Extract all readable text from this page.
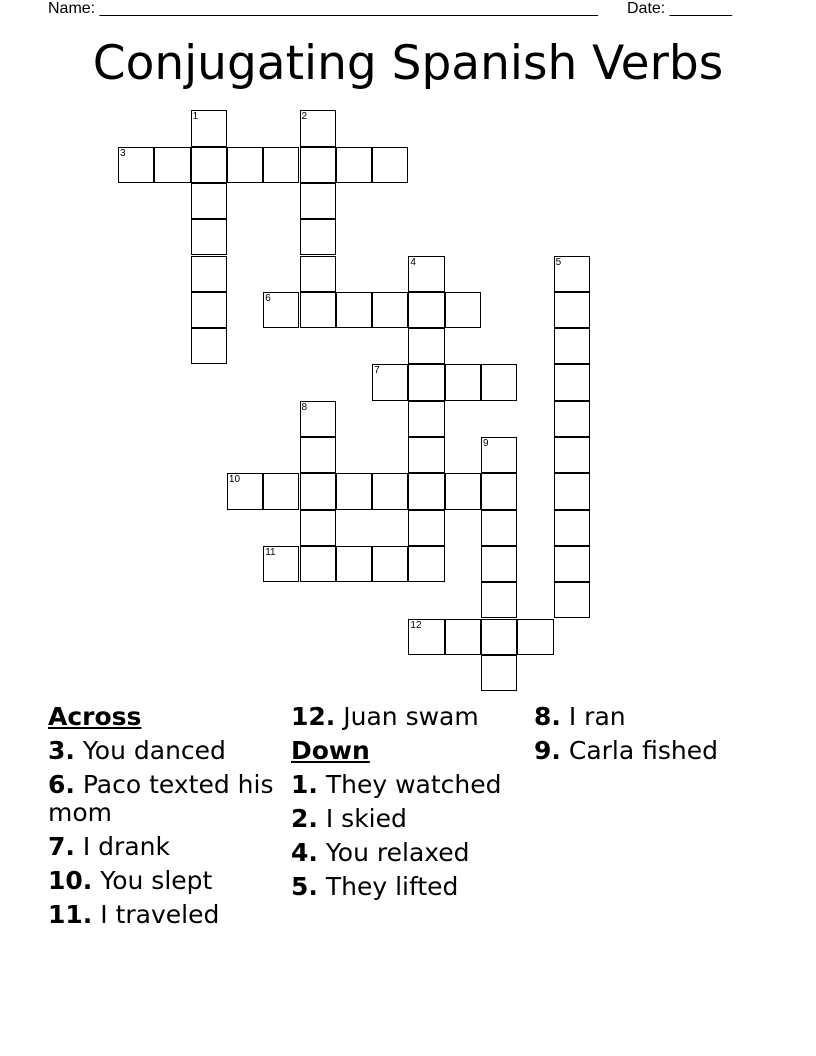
Name: ________________________________________________________ Date: _______
Conjugating Spanish Verbs
1	2
3
4	5
6
7
8
9
10
11
12
Across
3. You danced
6. Paco texted his mom
7. I drank
10. You slept
11. I traveled
12. Juan swam
Down
1. They watched
2. I skied
4. You relaxed
5. They lifted
8. I ran
9. Carla fished
